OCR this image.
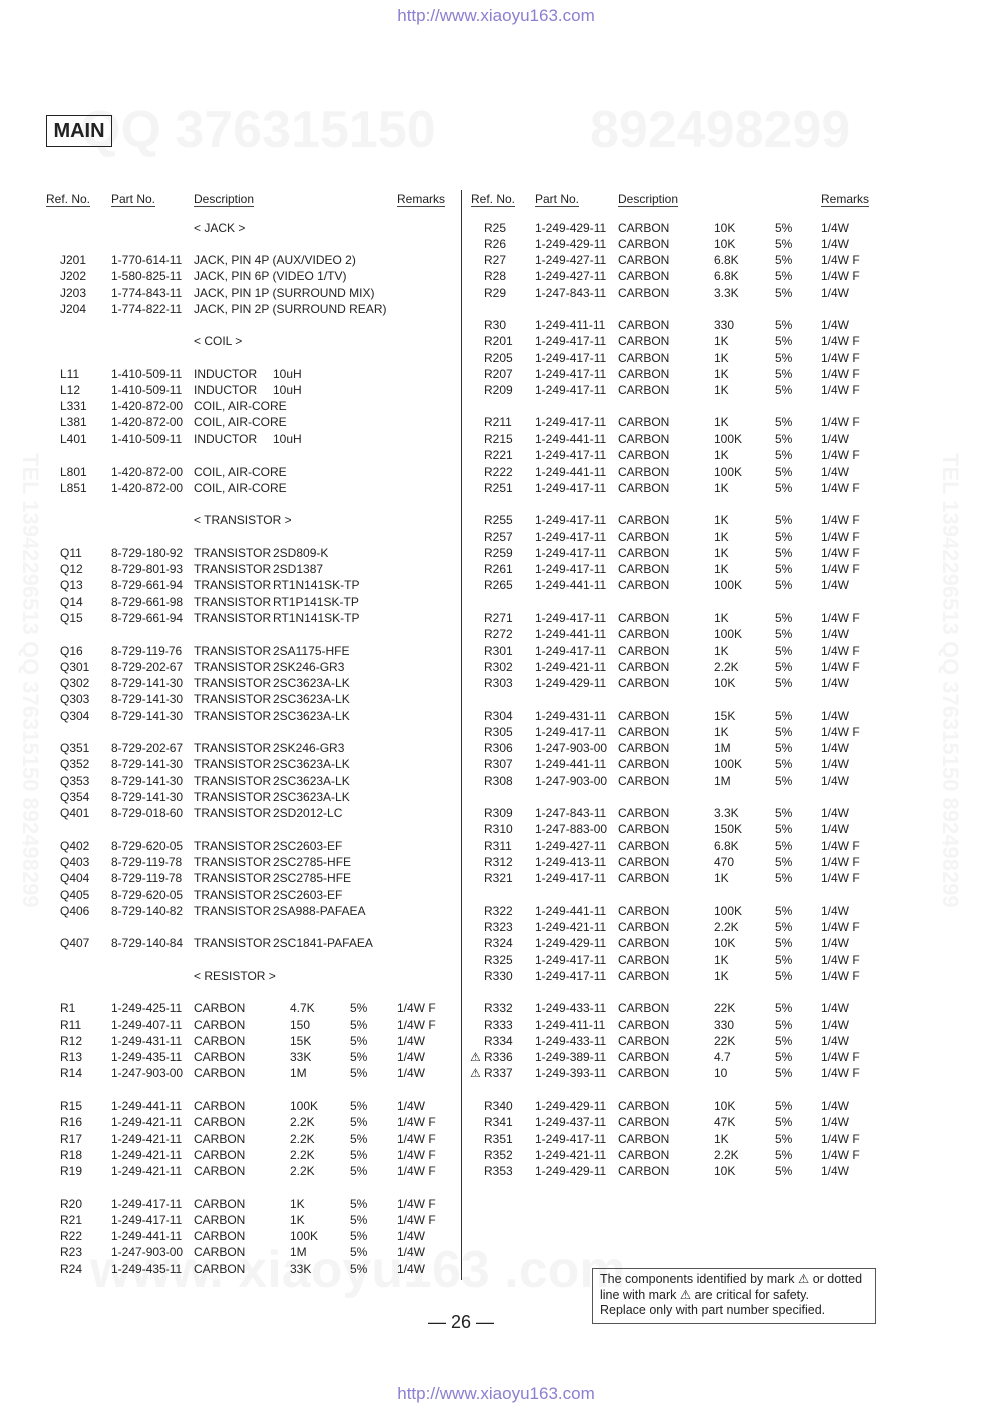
http://www.xiaoyu163.com
MAIN
Ref. No. Part No.	Description	Remarks
< JACK >
J201 1-770-614-11 JACK, PIN 4P (AUX/VIDEO 2)
J202 1-580-825-11 JACK, PIN 6P (VIDEO 1/TV)
J203 1-774-843-11 JACK, PIN 1P (SURROUND MIX)
J204 1-774-822-11 JACK, PIN 2P (SURROUND REAR)
< COIL >
L11	1-410-509-11 INDUCTOR 10uH
L12	1-410-509-11 INDUCTOR 10uH
L331 1-420-872-00 COIL, AIR-CORE
L381 1-420-872-00 COIL, AIR-CORE
L401 1-410-509-11 INDUCTOR 10uH
L801 1-420-872-00 COIL, AIR-CORE
L851 1-420-872-00 COIL, AIR-CORE
< TRANSISTOR >
Q11 8-729-180-92 TRANSISTOR 2SD809-K
Q12 8-729-801-93 TRANSISTOR 2SD1387
Q13 8-729-661-94 TRANSISTOR RT1N141SK-TP
Q14 8-729-661-98 TRANSISTOR RT1P141SK-TP
Q15 8-729-661-94 TRANSISTOR RT1N141SK-TP
Q16 8-729-119-76 TRANSISTOR 2SA1175-HFE
Q301 8-729-202-67 TRANSISTOR 2SK246-GR3
Q302 8-729-141-30 TRANSISTOR 2SC3623A-LK
Q303 8-729-141-30 TRANSISTOR 2SC3623A-LK
Q304 8-729-141-30 TRANSISTOR 2SC3623A-LK
Q351 8-729-202-67 TRANSISTOR 2SK246-GR3
Q352 8-729-141-30 TRANSISTOR 2SC3623A-LK
Q353 8-729-141-30 TRANSISTOR 2SC3623A-LK
Q354 8-729-141-30 TRANSISTOR 2SC3623A-LK
Q401 8-729-018-60 TRANSISTOR 2SD2012-LC
Q402 8-729-620-05 TRANSISTOR 2SC2603-EF
Q403 8-729-119-78 TRANSISTOR 2SC2785-HFE
Q404 8-729-119-78 TRANSISTOR 2SC2785-HFE
Q405 8-729-620-05 TRANSISTOR 2SC2603-EF
Q406 8-729-140-82 TRANSISTOR 2SA988-PAFAEA
Q407 8-729-140-84 TRANSISTOR 2SC1841-PAFAEA
< RESISTOR >
R1	1-249-425-11 CARBON	4.7K	5% 1/4W F
R11 1-249-407-11 CARBON	150	5% 1/4W F
R12 1-249-431-11 CARBON	15K	5% 1/4W
R13 1-249-435-11 CARBON	33K	5% 1/4W
R14 1-247-903-00 CARBON	1M	5% 1/4W
R15 1-249-441-11 CARBON	100K	5% 1/4W
R16 1-249-421-11 CARBON	2.2K	5% 1/4W F
R17 1-249-421-11 CARBON	2.2K	5% 1/4W F
R18 1-249-421-11 CARBON	2.2K	5% 1/4W F
R19 1-249-421-11 CARBON	2.2K	5% 1/4W F
R20 1-249-417-11 CARBON	1K	5% 1/4W F
R21 1-249-417-11 CARBON	1K	5% 1/4W F
R22 1-249-441-11 CARBON	100K	5% 1/4W
R23 1-247-903-00 CARBON	1M	5% 1/4W
R24 1-249-435-11 CARBON	33K	5% 1/4W
Ref. No. Part No.	Description	Remarks
R25 1-249-429-11 CARBON	10K	5% 1/4W
R26 1-249-429-11 CARBON	10K	5% 1/4W
R27 1-249-427-11 CARBON	6.8K	5% 1/4W F
R28 1-249-427-11 CARBON	6.8K	5% 1/4W F
R29 1-247-843-11 CARBON	3.3K	5% 1/4W
R30 1-249-411-11 CARBON	330	5% 1/4W
R201 1-249-417-11 CARBON	1K	5% 1/4W F
R205 1-249-417-11 CARBON	1K	5% 1/4W F
R207 1-249-417-11 CARBON	1K	5% 1/4W F
R209 1-249-417-11 CARBON	1K	5% 1/4W F
R211 1-249-417-11 CARBON	1K	5% 1/4W F
R215 1-249-441-11 CARBON	100K	5% 1/4W
R221 1-249-417-11 CARBON	1K	5% 1/4W F
R222 1-249-441-11 CARBON	100K	5% 1/4W
R251 1-249-417-11 CARBON	1K	5% 1/4W F
R255 1-249-417-11 CARBON	1K	5% 1/4W F
R257 1-249-417-11 CARBON	1K	5% 1/4W F
R259 1-249-417-11 CARBON	1K	5% 1/4W F
R261 1-249-417-11 CARBON	1K	5% 1/4W F
R265 1-249-441-11 CARBON	100K	5% 1/4W
R271 1-249-417-11 CARBON	1K	5% 1/4W F
R272 1-249-441-11 CARBON	100K	5% 1/4W
R301 1-249-417-11 CARBON	1K	5% 1/4W F
R302 1-249-421-11 CARBON	2.2K	5% 1/4W F
R303 1-249-429-11 CARBON	10K	5% 1/4W
R304 1-249-431-11 CARBON	15K	5% 1/4W
R305 1-249-417-11 CARBON	1K	5% 1/4W F
R306 1-247-903-00 CARBON	1M	5% 1/4W
R307 1-249-441-11 CARBON	100K	5% 1/4W
R308 1-247-903-00 CARBON	1M	5% 1/4W
R309 1-247-843-11 CARBON	3.3K	5% 1/4W
R310 1-247-883-00 CARBON	150K	5% 1/4W
R311 1-249-427-11 CARBON	6.8K	5% 1/4W F
R312 1-249-413-11 CARBON	470	5% 1/4W F
R321 1-249-417-11 CARBON	1K	5% 1/4W F
R322 1-249-441-11 CARBON	100K	5% 1/4W
R323 1-249-421-11 CARBON	2.2K	5% 1/4W F
R324 1-249-429-11 CARBON	10K	5% 1/4W
R325 1-249-417-11 CARBON	1K	5% 1/4W F
R330 1-249-417-11 CARBON	1K	5% 1/4W F
R332 1-249-433-11 CARBON	22K	5% 1/4W
R333 1-249-411-11 CARBON	330	5% 1/4W
R334 1-249-433-11 CARBON	22K	5% 1/4W
⚠ R336 1-249-389-11 CARBON	4.7	5% 1/4W F
⚠ R337 1-249-393-11 CARBON	10	5% 1/4W F
R340 1-249-429-11 CARBON	10K	5% 1/4W
R341 1-249-437-11 CARBON	47K	5% 1/4W
R351 1-249-417-11 CARBON	1K	5% 1/4W F
R352 1-249-421-11 CARBON	2.2K	5% 1/4W F
R353 1-249-429-11 CARBON	10K	5% 1/4W
The components identified by mark ⚠ or dotted
line with mark ⚠ are critical for safety.
Replace only with part number specified.
— 26 —
http://www.xiaoyu163.com
